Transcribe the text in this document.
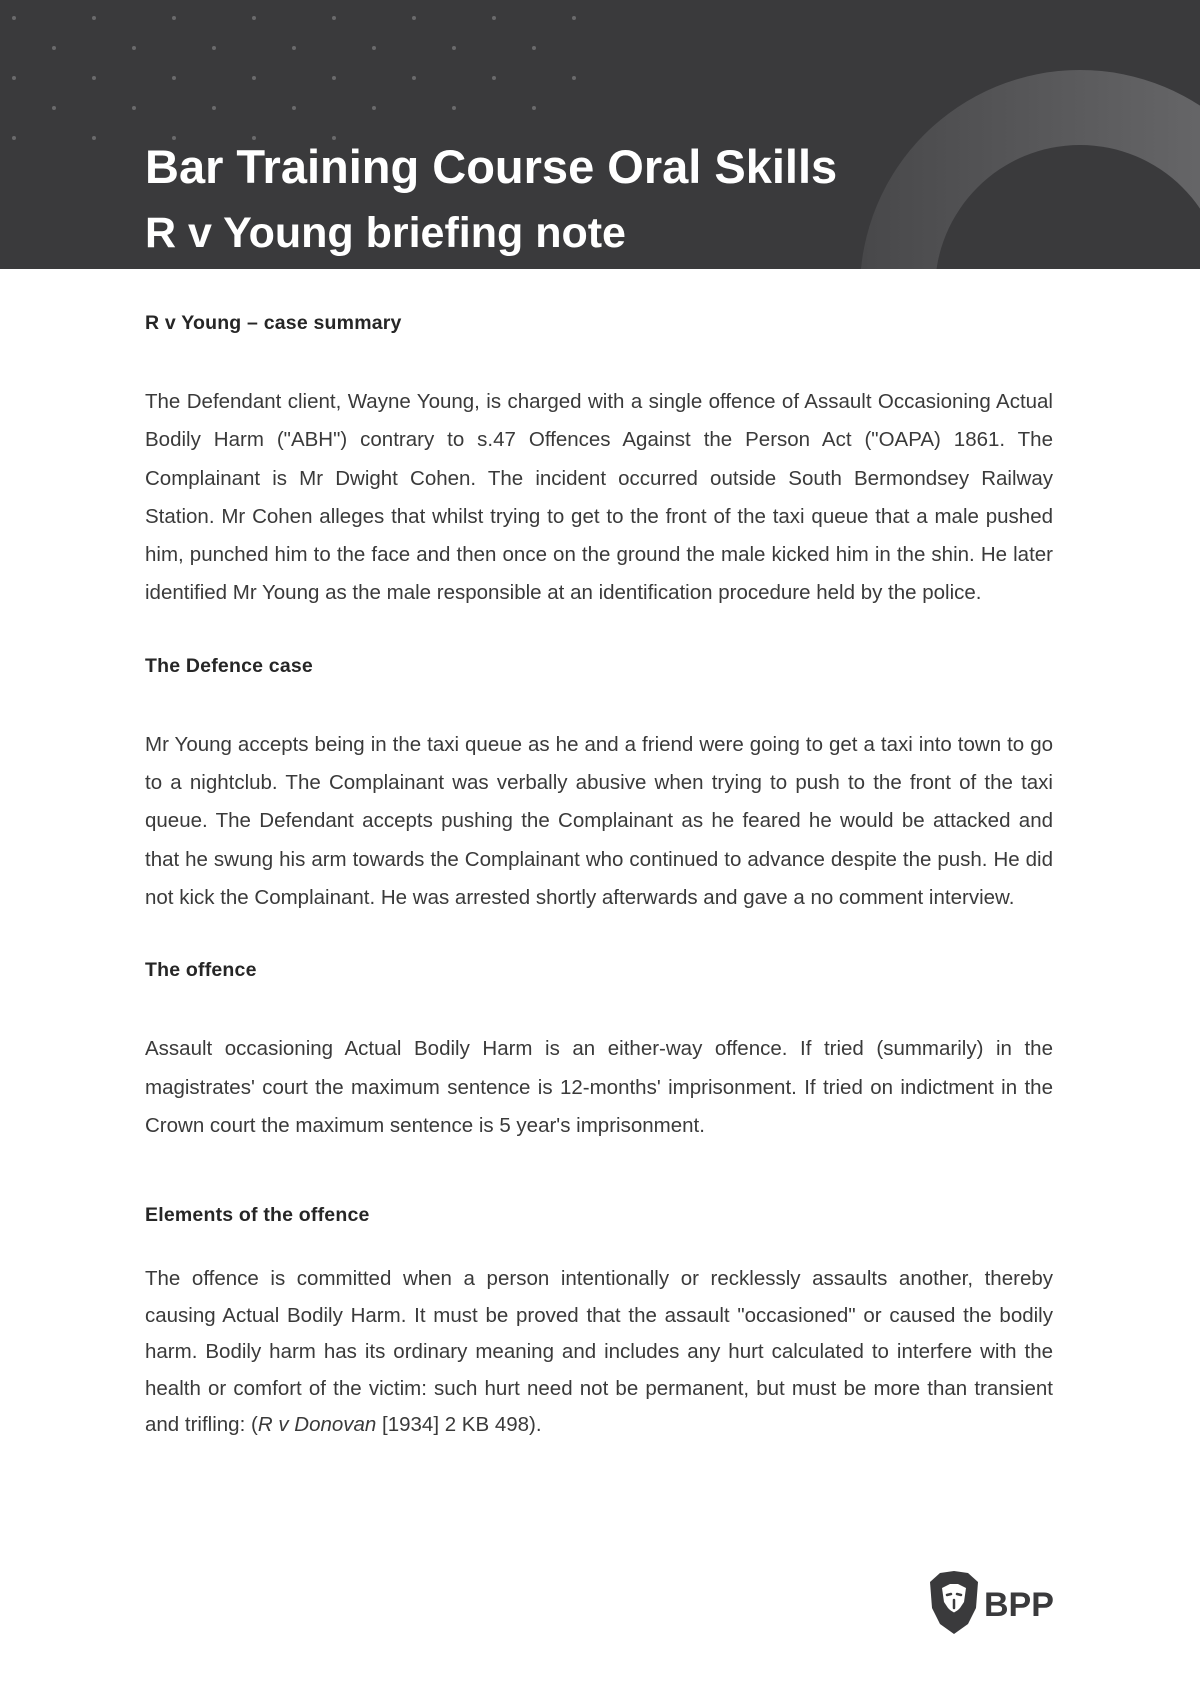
Bar Training Course Oral Skills
R v Young briefing note

R v Young – case summary

The Defendant client, Wayne Young, is charged with a single offence of Assault Occasioning Actual Bodily Harm ("ABH") contrary to s.47 Offences Against the Person Act ("OAPA) 1861. The Complainant is Mr Dwight Cohen. The incident occurred outside South Bermondsey Railway Station. Mr Cohen alleges that whilst trying to get to the front of the taxi queue that a male pushed him, punched him to the face and then once on the ground the male kicked him in the shin. He later identified Mr Young as the male responsible at an identification procedure held by the police.

The Defence case

Mr Young accepts being in the taxi queue as he and a friend were going to get a taxi into town to go to a nightclub. The Complainant was verbally abusive when trying to push to the front of the taxi queue. The Defendant accepts pushing the Complainant as he feared he would be attacked and that he swung his arm towards the Complainant who continued to advance despite the push. He did not kick the Complainant. He was arrested shortly afterwards and gave a no comment interview.

The offence

Assault occasioning Actual Bodily Harm is an either-way offence. If tried (summarily) in the magistrates' court the maximum sentence is 12-months' imprisonment. If tried on indictment in the Crown court the maximum sentence is 5 year's imprisonment.

Elements of the offence

The offence is committed when a person intentionally or recklessly assaults another, thereby causing Actual Bodily Harm. It must be proved that the assault "occasioned" or caused the bodily harm. Bodily harm has its ordinary meaning and includes any hurt calculated to interfere with the health or comfort of the victim: such hurt need not be permanent, but must be more than transient and trifling: (R v Donovan [1934] 2 KB 498).

BPP
